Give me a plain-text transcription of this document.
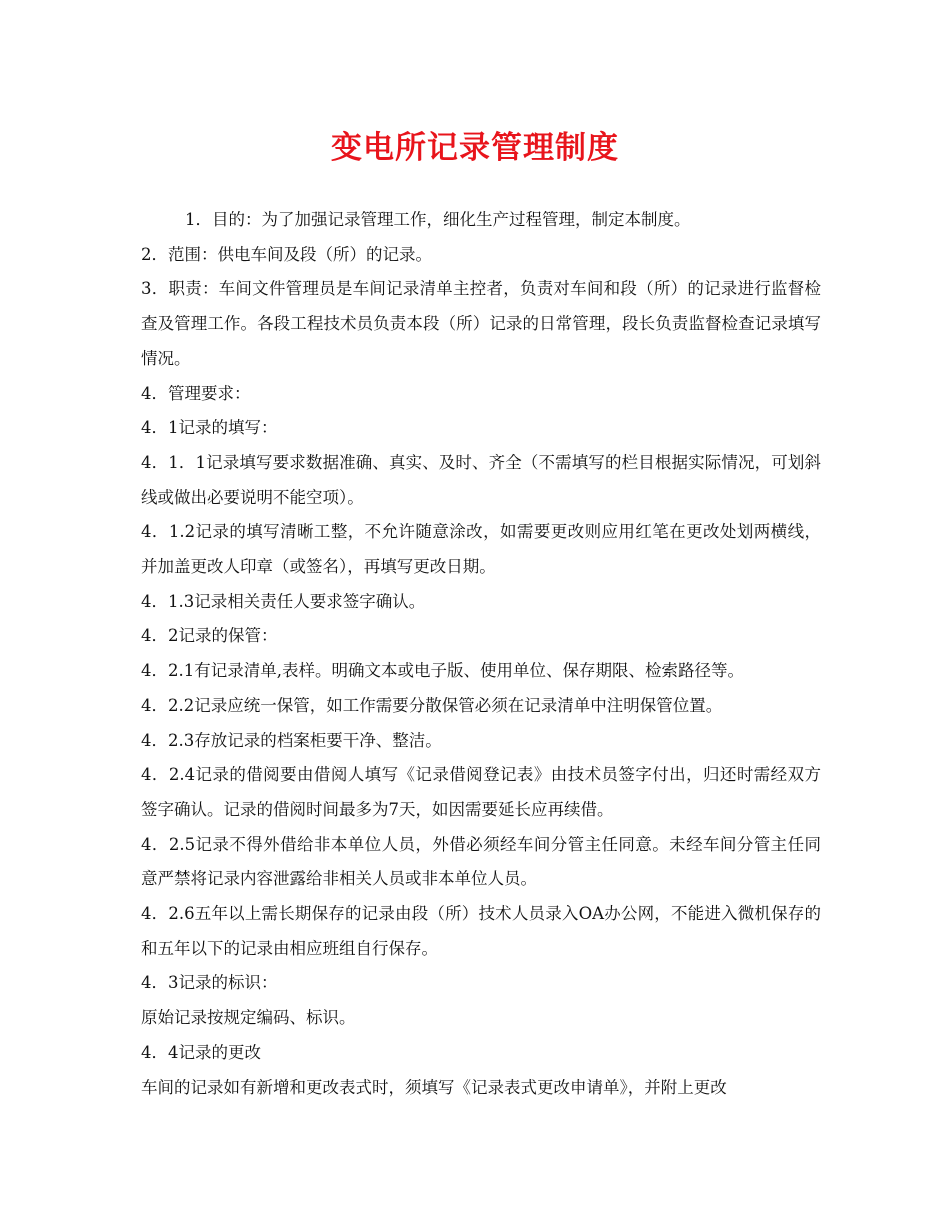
变电所记录管理制度

1．目的：为了加强记录管理工作，细化生产过程管理，制定本制度。

2．范围：供电车间及段（所）的记录。

3．职责：车间文件管理员是车间记录清单主控者，负责对车间和段（所）的记录进行监督检查及管理工作。各段工程技术员负责本段（所）记录的日常管理，段长负责监督检查记录填写情况。

4．管理要求：

4．1记录的填写：

4．1．1记录填写要求数据准确、真实、及时、齐全（不需填写的栏目根据实际情况，可划斜线或做出必要说明不能空项）。

4．1.2记录的填写清晰工整，不允许随意涂改，如需要更改则应用红笔在更改处划两横线，并加盖更改人印章（或签名），再填写更改日期。

4．1.3记录相关责任人要求签字确认。

4．2记录的保管：

4．2.1有记录清单,表样。明确文本或电子版、使用单位、保存期限、检索路径等。

4．2.2记录应统一保管，如工作需要分散保管必须在记录清单中注明保管位置。

4．2.3存放记录的档案柜要干净、整洁。

4．2.4记录的借阅要由借阅人填写《记录借阅登记表》由技术员签字付出，归还时需经双方签字确认。记录的借阅时间最多为7天，如因需要延长应再续借。

4．2.5记录不得外借给非本单位人员，外借必须经车间分管主任同意。未经车间分管主任同意严禁将记录内容泄露给非相关人员或非本单位人员。

4．2.6五年以上需长期保存的记录由段（所）技术人员录入OA办公网，不能进入微机保存的和五年以下的记录由相应班组自行保存。

4．3记录的标识：

原始记录按规定编码、标识。

4．4记录的更改

车间的记录如有新增和更改表式时，须填写《记录表式更改申请单》，并附上更改
